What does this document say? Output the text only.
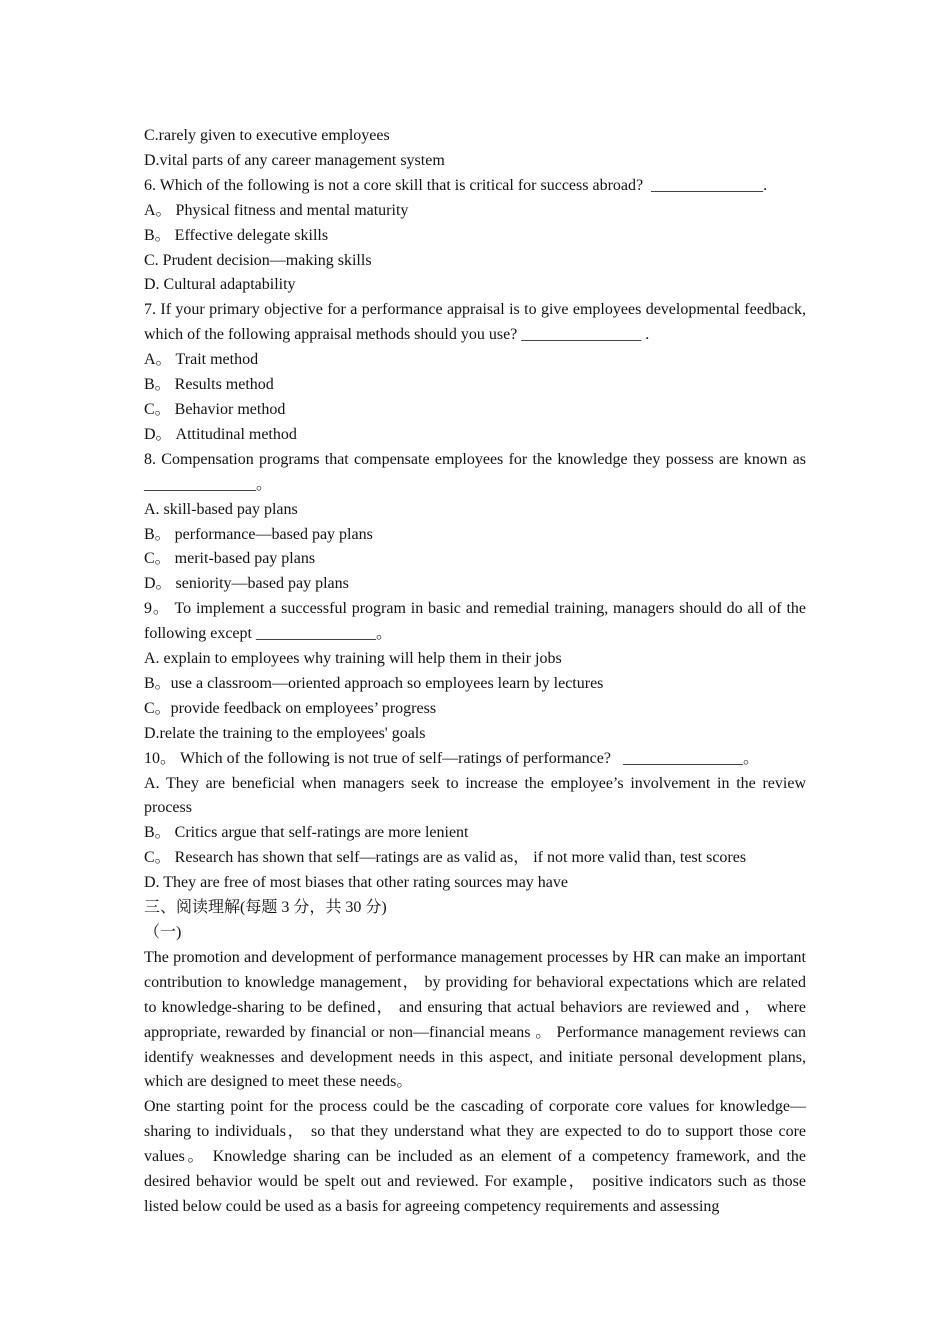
C.rarely given to executive employees

D.vital parts of any career management system

6. Which of the following is not a core skill that is critical for success abroad?  ______________.

A。 Physical fitness and mental maturity

B。 Effective delegate skills

C. Prudent decision—making skills

D. Cultural adaptability

7. If your primary objective for a performance appraisal is to give employees developmental feedback, which of the following appraisal methods should you use? _______________ .

A。 Trait method

B。 Results method

C。 Behavior method

D。 Attitudinal method

8. Compensation programs that compensate employees for the knowledge they possess are known as ______________。

A. skill-based pay plans

B。 performance—based pay plans

C。 merit-based pay plans

D。 seniority—based pay plans

9。 To implement a successful program in basic and remedial training, managers should do all of the following except _______________。

A. explain to employees why training will help them in their jobs

B。use a classroom—oriented approach so employees learn by lectures

C。provide feedback on employees’ progress

D.relate the training to the employees' goals

10。 Which of the following is not true of self—ratings of performance?   _______________。

A. They are beneficial when managers seek to increase the employee’s involvement in the review process

B。 Critics argue that self-ratings are more lenient

C。 Research has shown that self—ratings are as valid as， if not more valid than, test scores

D. They are free of most biases that other rating sources may have

三、阅读理解(每题 3 分，共 30 分)

（一)

The promotion and development of performance management processes by HR can make an important contribution to knowledge management， by providing for behavioral expectations which are related to knowledge-sharing to be defined， and ensuring that actual behaviors are reviewed and ， where appropriate, rewarded by financial or non—financial means 。 Performance management reviews can identify weaknesses and development needs in this aspect, and initiate personal development plans, which are designed to meet these needs。

One starting point for the process could be the cascading of corporate core values for knowledge—sharing to individuals， so that they understand what they are expected to do to support those core values。 Knowledge sharing can be included as an element of a competency framework, and the desired behavior would be spelt out and reviewed. For example， positive indicators such as those listed below could be used as a basis for agreeing competency requirements and assessing
